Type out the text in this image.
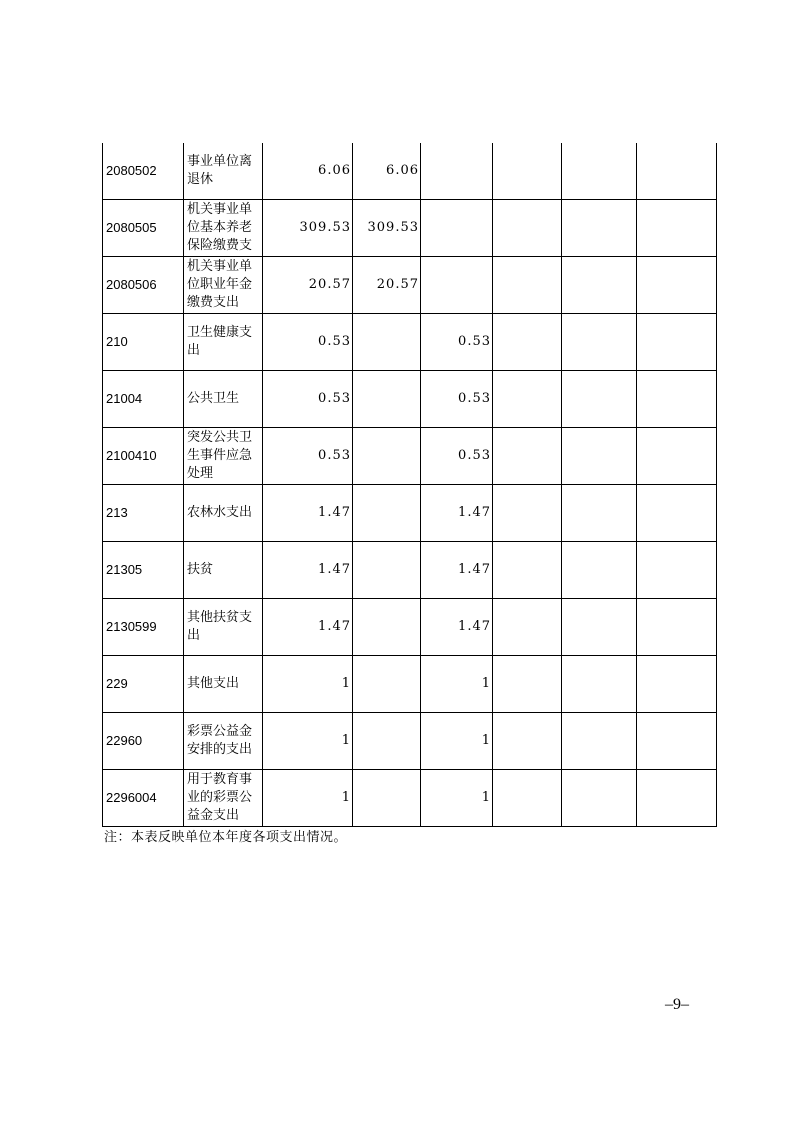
2080502	事业单位离退休	6.06	6.06				
2080505	机关事业单位基本养老保险缴费支	309.53	309.53				
2080506	机关事业单位职业年金缴费支出	20.57	20.57				
210	卫生健康支出	0.53		0.53			
21004	公共卫生	0.53		0.53			
2100410	突发公共卫生事件应急处理	0.53		0.53			
213	农林水支出	1.47		1.47			
21305	扶贫	1.47		1.47			
2130599	其他扶贫支出	1.47		1.47			
229	其他支出	1		1			
22960	彩票公益金安排的支出	1		1			
2296004	用于教育事业的彩票公益金支出	1		1			
注：本表反映单位本年度各项支出情况。
–9–
